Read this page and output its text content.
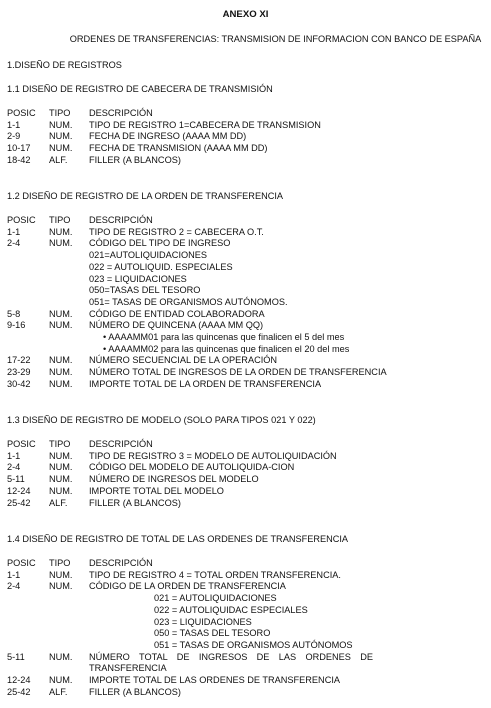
ANEXO XI
ORDENES DE TRANSFERENCIAS: TRANSMISION DE INFORMACION CON BANCO DE ESPAÑA
1.DISEÑO DE REGISTROS
1.1 DISEÑO DE REGISTRO DE CABECERA DE TRANSMISIÓN
POSIC TIPO DESCRIPCIÓN
1-1	NUM. TIPO DE REGISTRO 1=CABECERA DE TRANSMISION
2-9	NUM. FECHA DE INGRESO (AAAA MM DD)
10-17 NUM. FECHA DE TRANSMISION (AAAA MM DD)
18-42 ALF. FILLER (A BLANCOS)
1.2 DISEÑO DE REGISTRO DE LA ORDEN DE TRANSFERENCIA
POSIC TIPO DESCRIPCIÓN
1-1	NUM. TIPO DE REGISTRO 2 = CABECERA O.T.
2-4	NUM. CÓDIGO DEL TIPO DE INGRESO
021=AUTOLIQUIDACIONES
022 = AUTOLIQUID. ESPECIALES
023 = LIQUIDACIONES
050=TASAS DEL TESORO
051= TASAS DE ORGANISMOS AUTÓNOMOS.
5-8	NUM. CÓDIGO DE ENTIDAD COLABORADORA
9-16	NUM. NÚMERO DE QUINCENA (AAAA MM QQ)
• AAAAMM01 para las quincenas que finalicen el 5 del mes
• AAAAMM02 para las quincenas que finalicen el 20 del mes
17-22 NUM. NÚMERO SECUENCIAL DE LA OPERACIÓN
23-29 NUM. NÚMERO TOTAL DE INGRESOS DE LA ORDEN DE TRANSFERENCIA
30-42 NUM. IMPORTE TOTAL DE LA ORDEN DE TRANSFERENCIA
1.3 DISEÑO DE REGISTRO DE MODELO (SOLO PARA TIPOS 021 Y 022)
POSIC TIPO DESCRIPCIÓN
1-1	NUM. TIPO DE REGISTRO 3 = MODELO DE AUTOLIQUIDACIÓN
2-4	NUM. CÓDIGO DEL MODELO DE AUTOLIQUIDA-CION
5-11	NUM. NÚMERO DE INGRESOS DEL MODELO
12-24 NUM. IMPORTE TOTAL DEL MODELO
25-42 ALF. FILLER (A BLANCOS)
1.4 DISEÑO DE REGISTRO DE TOTAL DE LAS ORDENES DE TRANSFERENCIA
POSIC TIPO DESCRIPCIÓN
1-1	NUM. TIPO DE REGISTRO 4 = TOTAL ORDEN TRANSFERENCIA.
2-4	NUM. CÓDIGO DE LA ORDEN DE TRANSFERENCIA
021 = AUTOLIQUIDACIONES
022 = AUTOLIQUIDAC ESPECIALES
023 = LIQUIDACIONES
050 = TASAS DEL TESORO
051 = TASAS DE ORGANISMOS AUTÓNOMOS
5-11	NUM. NÚMERO TOTAL DE INGRESOS DE LAS ORDENES DE
TRANSFERENCIA
12-24 NUM. IMPORTE TOTAL DE LAS ORDENES DE TRANSFERENCIA
25-42 ALF. FILLER (A BLANCOS)
